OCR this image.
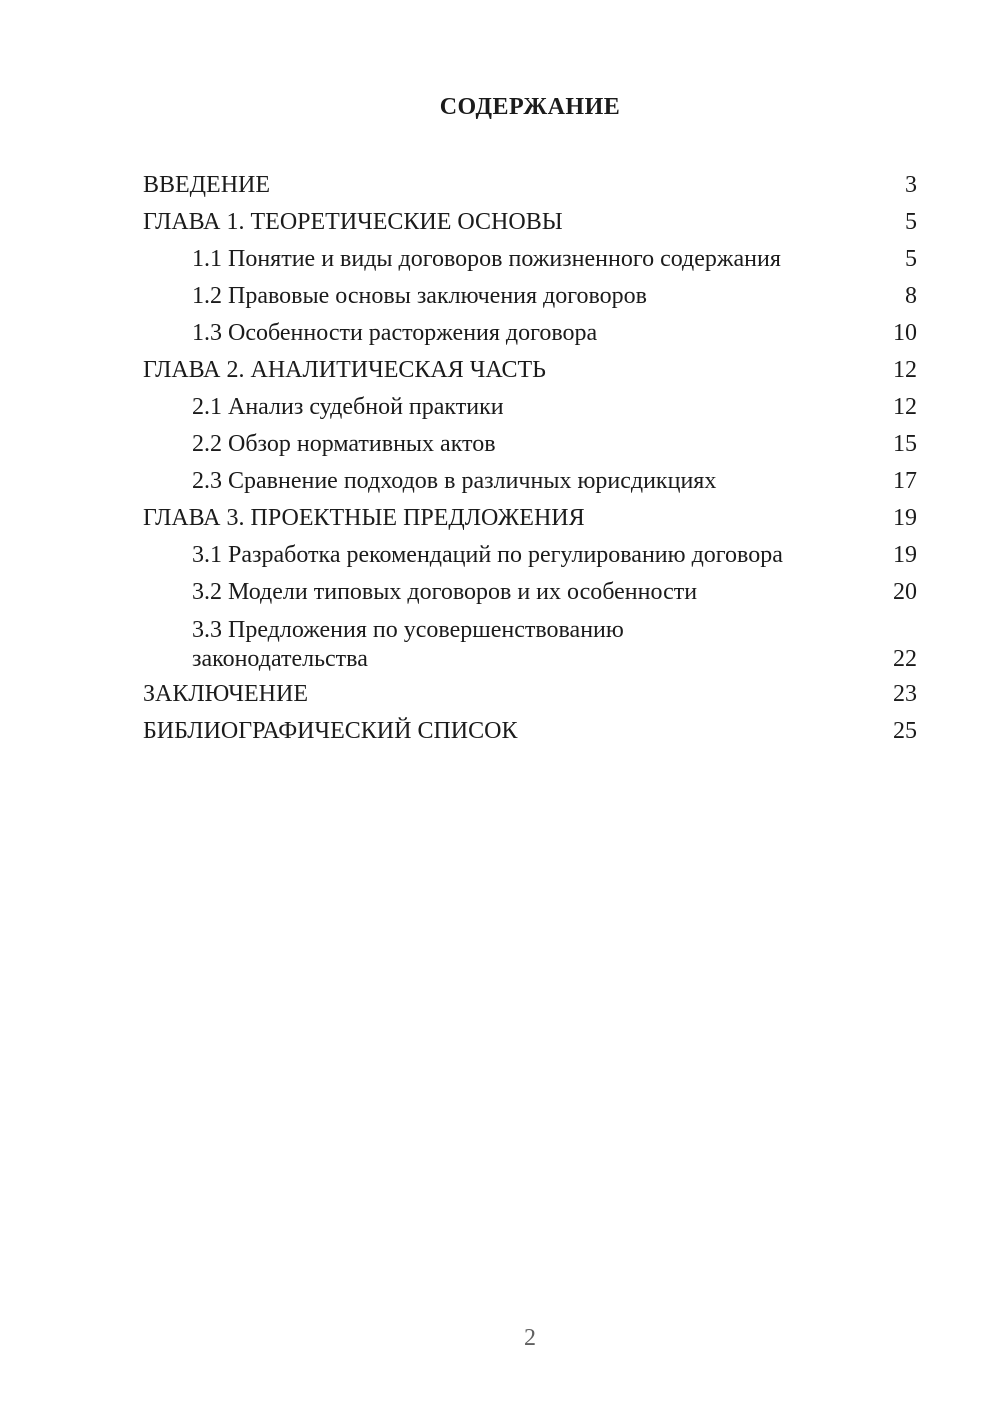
СОДЕРЖАНИЕ
ВВЕДЕНИЕ	3
ГЛАВА 1. ТЕОРЕТИЧЕСКИЕ ОСНОВЫ	5
1.1 Понятие и виды договоров пожизненного содержания	5
1.2 Правовые основы заключения договоров	8
1.3 Особенности расторжения договора	10
ГЛАВА 2. АНАЛИТИЧЕСКАЯ ЧАСТЬ	12
2.1 Анализ судебной практики	12
2.2 Обзор нормативных актов	15
2.3 Сравнение подходов в различных юрисдикциях	17
ГЛАВА 3. ПРОЕКТНЫЕ ПРЕДЛОЖЕНИЯ	19
3.1 Разработка рекомендаций по регулированию договора	19
3.2 Модели типовых договоров и их особенности	20
3.3 Предложения по усовершенствованию
законодательства	22
ЗАКЛЮЧЕНИЕ	23
БИБЛИОГРАФИЧЕСКИЙ СПИСОК	25
2
